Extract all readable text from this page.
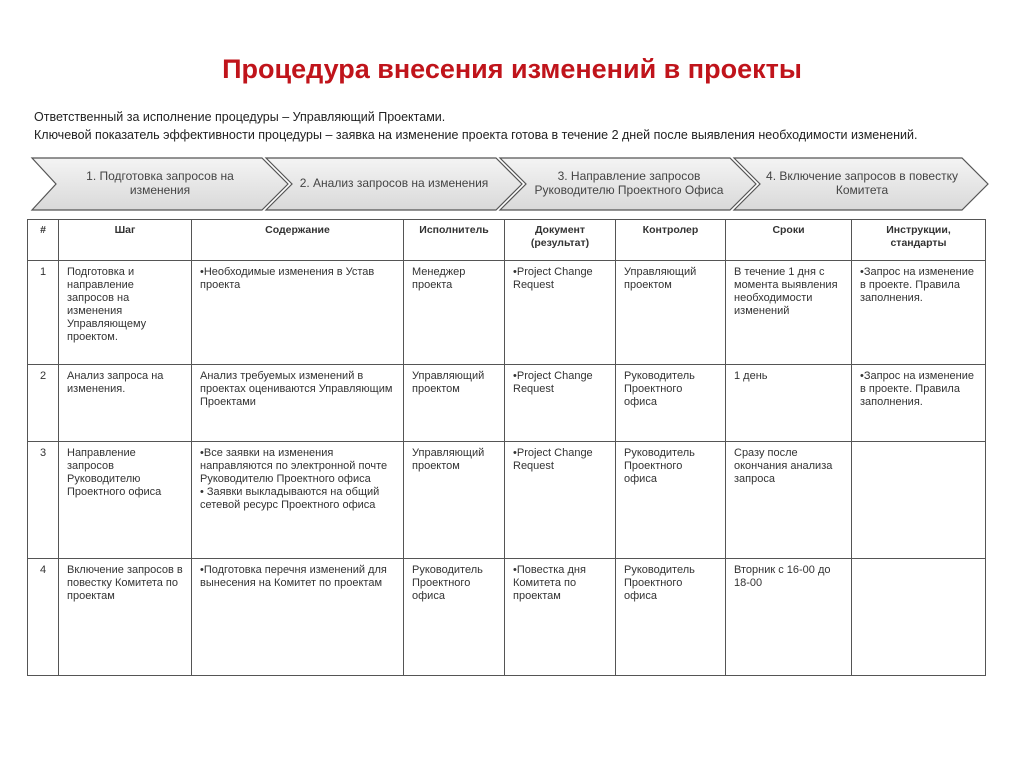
Процедура внесения изменений в проекты
Ответственный за исполнение процедуры – Управляющий Проектами.
Ключевой показатель эффективности процедуры – заявка на изменение проекта готова в течение 2 дней после выявления необходимости изменений.
1. Подготовка запросов на изменения	2. Анализ запросов на изменения	3. Направление запросов Руководителю Проектного Офиса
4. Включение запросов в повестку Комитета
#	Шаг	Содержание	Исполнитель	Документ (результат)	Контролер	Сроки	Инструкции, стандарты
1	Подготовка и направление запросов на изменения Управляющему проектом.	•Необходимые изменения в Устав проекта	Менеджер проекта	•Project Change Request	Управляющий проектом	В течение 1 дня с момента выявления необходимости изменений	•Запрос на изменение в проекте. Правила заполнения.
2	Анализ запроса на изменения.	Анализ требуемых изменений в проектах оцениваются Управляющим Проектами	Управляющий проектом	•Project Change Request	Руководитель Проектного офиса	1 день	•Запрос на изменение в проекте. Правила заполнения.
3	Направление запросов Руководителю Проектного офиса	•Все заявки на изменения направляются по электронной почте Руководителю Проектного офиса
• Заявки выкладываются на общий сетевой ресурс Проектного офиса	Управляющий проектом	•Project Change Request	Руководитель Проектного офиса	Сразу после окончания анализа запроса	
4	Включение запросов в повестку Комитета по проектам	•Подготовка перечня изменений для вынесения на Комитет по проектам	Руководитель Проектного офиса	•Повестка дня Комитета по проектам	Руководитель Проектного офиса	Вторник с 16-00 до 18-00	
